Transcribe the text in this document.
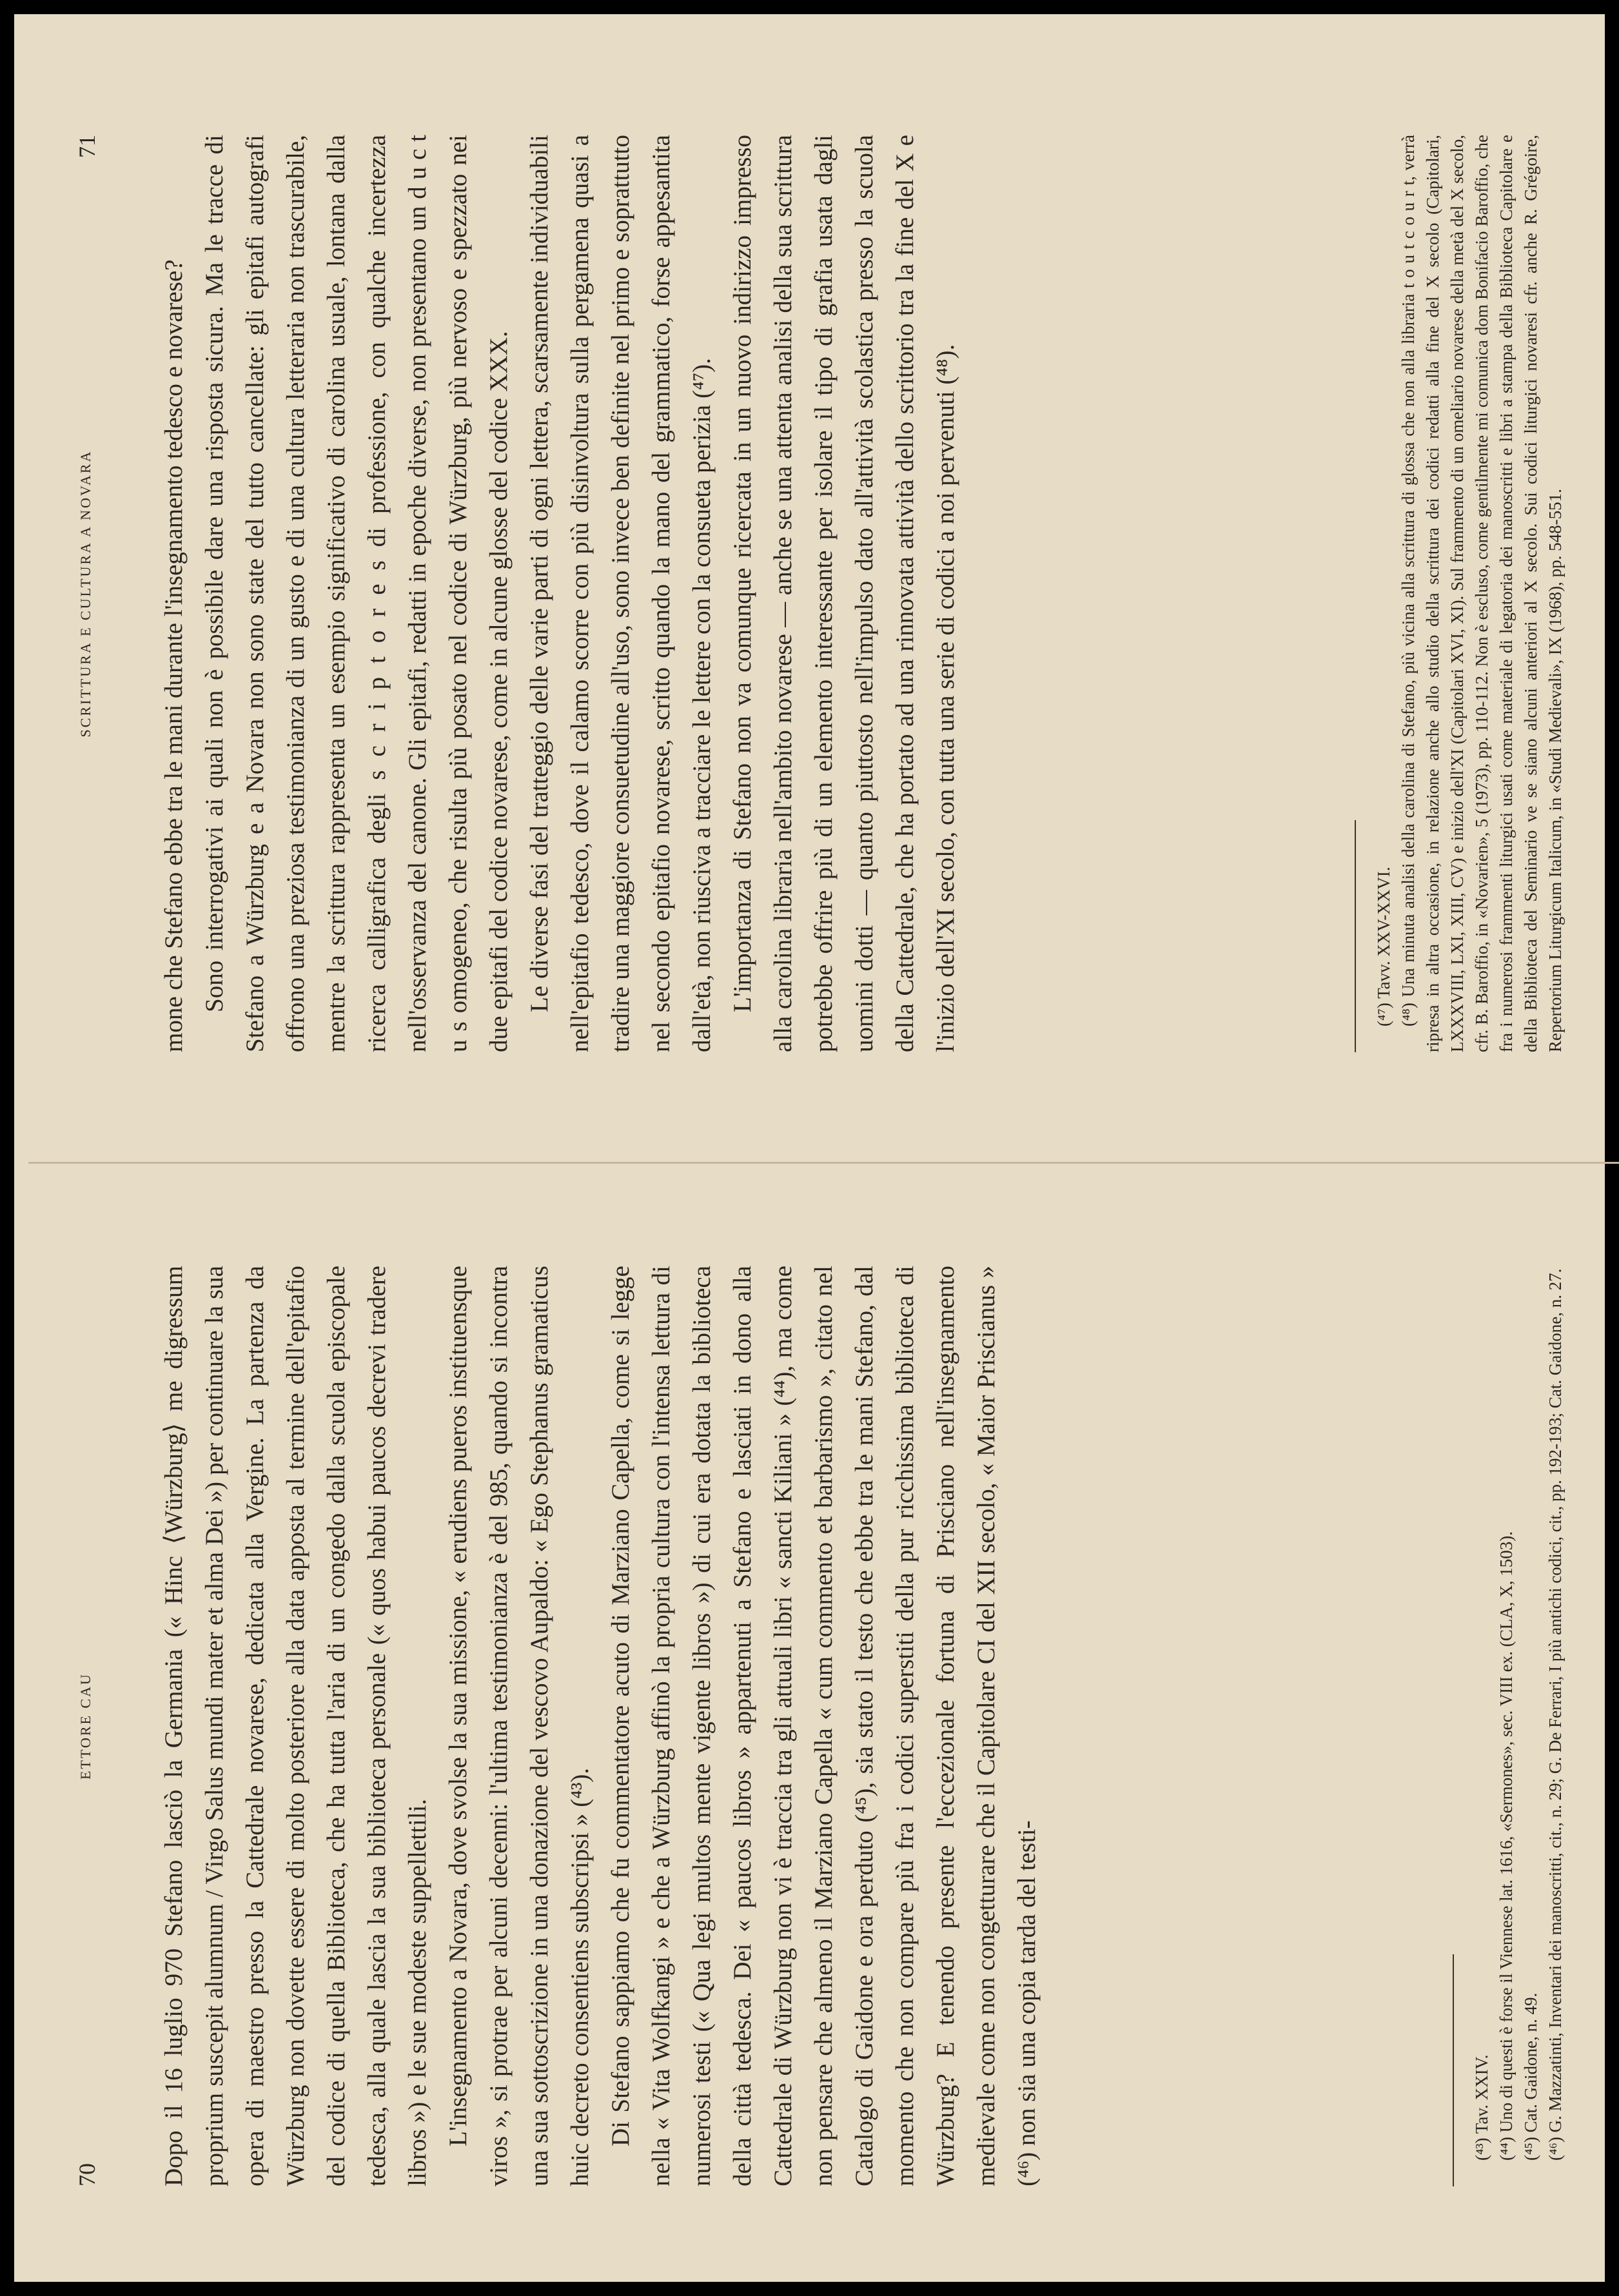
70
ETTORE CAU	Dopo il 16 luglio 970 Stefano lasciò la Germania (« Hinc ⟨Würzburg⟩ me digressum proprium suscepit alumnum / Virgo Salus mundi mater et alma Dei ») per continuare la sua opera di maestro presso la Cattedrale novarese, dedicata alla Vergine. La partenza da Würzburg non dovette essere di molto posteriore alla data apposta al termine dell'epitafio del codice di quella Biblioteca, che ha tutta l'aria di un congedo dalla scuola episcopale tedesca, alla quale lascia la sua biblioteca personale (« quos habui paucos decrevi tradere libros ») e le sue modeste suppellettili. L'insegnamento a Novara, dove svolse la sua missione, « erudiens pueros instituensque viros », si protrae per alcuni decenni: l'ultima testimonianza è del 985, quando si incontra una sua sottoscrizione in una donazione del vescovo Aupaldo: « Ego Stephanus gramaticus huic decreto consentiens subscripsi » (⁴³). Di Stefano sappiamo che fu commentatore acuto di Marziano Capella, come si legge nella « Vita Wolfkangi » e che a Würzburg affinò la propria cultura con l'intensa lettura di numerosi testi (« Qua legi multos mente vigente libros ») di cui era dotata la biblioteca della città tedesca. Dei « paucos libros » appartenuti a Stefano e lasciati in dono alla Cattedrale di Würzburg non vi è traccia tra gli attuali libri « sancti Kiliani » (⁴⁴), ma come non pensare che almeno il Marziano Capella « cum commento et barbarismo », citato nel Catalogo di Gaidone e ora perduto (⁴⁵), sia stato il testo che ebbe tra le mani Stefano, dal momento che non compare più fra i codici superstiti della pur ricchissima biblioteca di Würzburg? E tenendo presente l'eccezionale fortuna di Prisciano nell'insegnamento medievale come non congetturare che il Capitolare CI del XII secolo, « Maior Priscianus » (⁴⁶) non sia una copia tarda del testi-	(⁴³) Tav. XXIV. (⁴⁴) Uno di questi è forse il Viennese lat. 1616, «Sermones», sec. VIII ex. (CLA, X, 1503). (⁴⁵) Cat. Gaidone, n. 49. (⁴⁶) G. Mazzatinti, Inventari dei manoscritti, cit., n. 29; G. De Ferrari, I più antichi codici, cit., pp. 192-193; Cat. Gaidone, n. 27.

SCRITTURA E CULTURA A NOVARA
71

mone che Stefano ebbe tra le mani durante l'insegnamento tedesco e novarese? Sono interrogativi ai quali non è possibile dare una risposta sicura. Ma le tracce di Stefano a Würzburg e a Novara non sono state del tutto cancellate: gli epitafi autografi offrono una preziosa testimonianza di un gusto e di una cultura letteraria non trascurabile, mentre la scrittura rappresenta un esempio significativo di carolina usuale, lontana dalla ricerca calligrafica degli s c r i p t o r e s di professione, con qualche incertezza nell'osservanza del canone. Gli epitafi, redatti in epoche diverse, non presentano un d u c t u s omogeneo, che risulta più posato nel codice di Würzburg, più nervoso e spezzato nei due epitafi del codice novarese, come in alcune glosse del codice XXX. Le diverse fasi del tratteggio delle varie parti di ogni lettera, scarsamente individuabili nell'epitafio tedesco, dove il calamo scorre con più disinvoltura sulla pergamena quasi a tradire una maggiore consuetudine all'uso, sono invece ben definite nel primo e soprattutto nel secondo epitafio novarese, scritto quando la mano del grammatico, forse appesantita dall'età, non riusciva a tracciare le lettere con la consueta perizia (⁴⁷). L'importanza di Stefano non va comunque ricercata in un nuovo indirizzo impresso alla carolina libraria nell'ambito novarese — anche se una attenta analisi della sua scrittura potrebbe offrire più di un elemento interessante per isolare il tipo di grafia usata dagli uomini dotti — quanto piuttosto nell'impulso dato all'attività scolastica presso la scuola della Cattedrale, che ha portato ad una rinnovata attività dello scrittorio tra la fine del X e l'inizio dell'XI secolo, con tutta una serie di codici a noi pervenuti (⁴⁸).	(⁴⁷) Tavv. XXV-XXVI. (⁴⁸) Una minuta analisi della carolina di Stefano, più vicina alla scrittura di glossa che non alla libraria t o u t c o u r t, verrà ripresa in altra occasione, in relazione anche allo studio della scrittura dei codici redatti alla fine del X secolo (Capitolari, LXXXVIII, LXI, XIII, CV) e inizio dell'XI (Capitolari XVI, XI). Sul frammento di un omeliario novarese della metà del X secolo, cfr. B. Baroffio, in «Novarien», 5 (1973), pp. 110-112. Non è escluso, come gentilmente mi comunica dom Bonifacio Baroffio, che fra i numerosi frammenti liturgici usati come materiale di legatoria dei manoscritti e libri a stampa della Biblioteca Capitolare e della Biblioteca del Seminario ve se siano alcuni anteriori al X secolo. Sui codici liturgici novaresi cfr. anche R. Grégoire, Repertorium Liturgicum Italicum, in «Studi Medievali», IX (1968), pp. 548-551.
